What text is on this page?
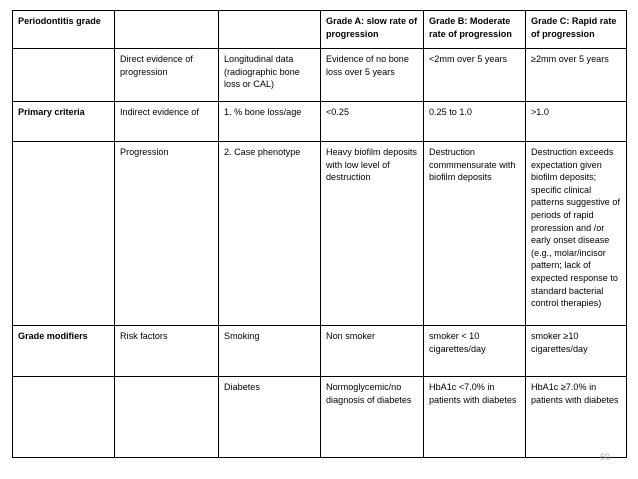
Periodontitis grade			Grade A: slow rate of progression	Grade B: Moderate rate of progression	Grade C: Rapid rate of progression
	Direct evidence of progression	Longitudinal data (radiographic bone loss or CAL)	Evidence of no bone loss over 5 years	<2mm over 5 years	≥2mm over 5 years
Primary criteria	Indirect evidence of	1. % bone loss/age	<0.25	0.25 to 1.0	>1.0
	Progression	2. Case phenotype	Heavy biofilm deposits with low level of destruction	Destruction commmensurate with biofilm deposits	Destruction exceeds expectation given biofilm deposits; specific clinical patterns suggestive of periods of rapid proression and /or early onset disease (e.g., molar/incisor pattern; lack of expected response to standard bacterial control therapies)
Grade modifiers	Risk factors	Smoking	Non smoker	smoker < 10 cigarettes/day	smoker ≥10 cigarettes/day
		Diabetes	Normoglycemic/no diagnosis of diabetes	HbA1c <7.0% in patients with diabetes	HbA1c ≥7.0% in patients with diabetes
60
